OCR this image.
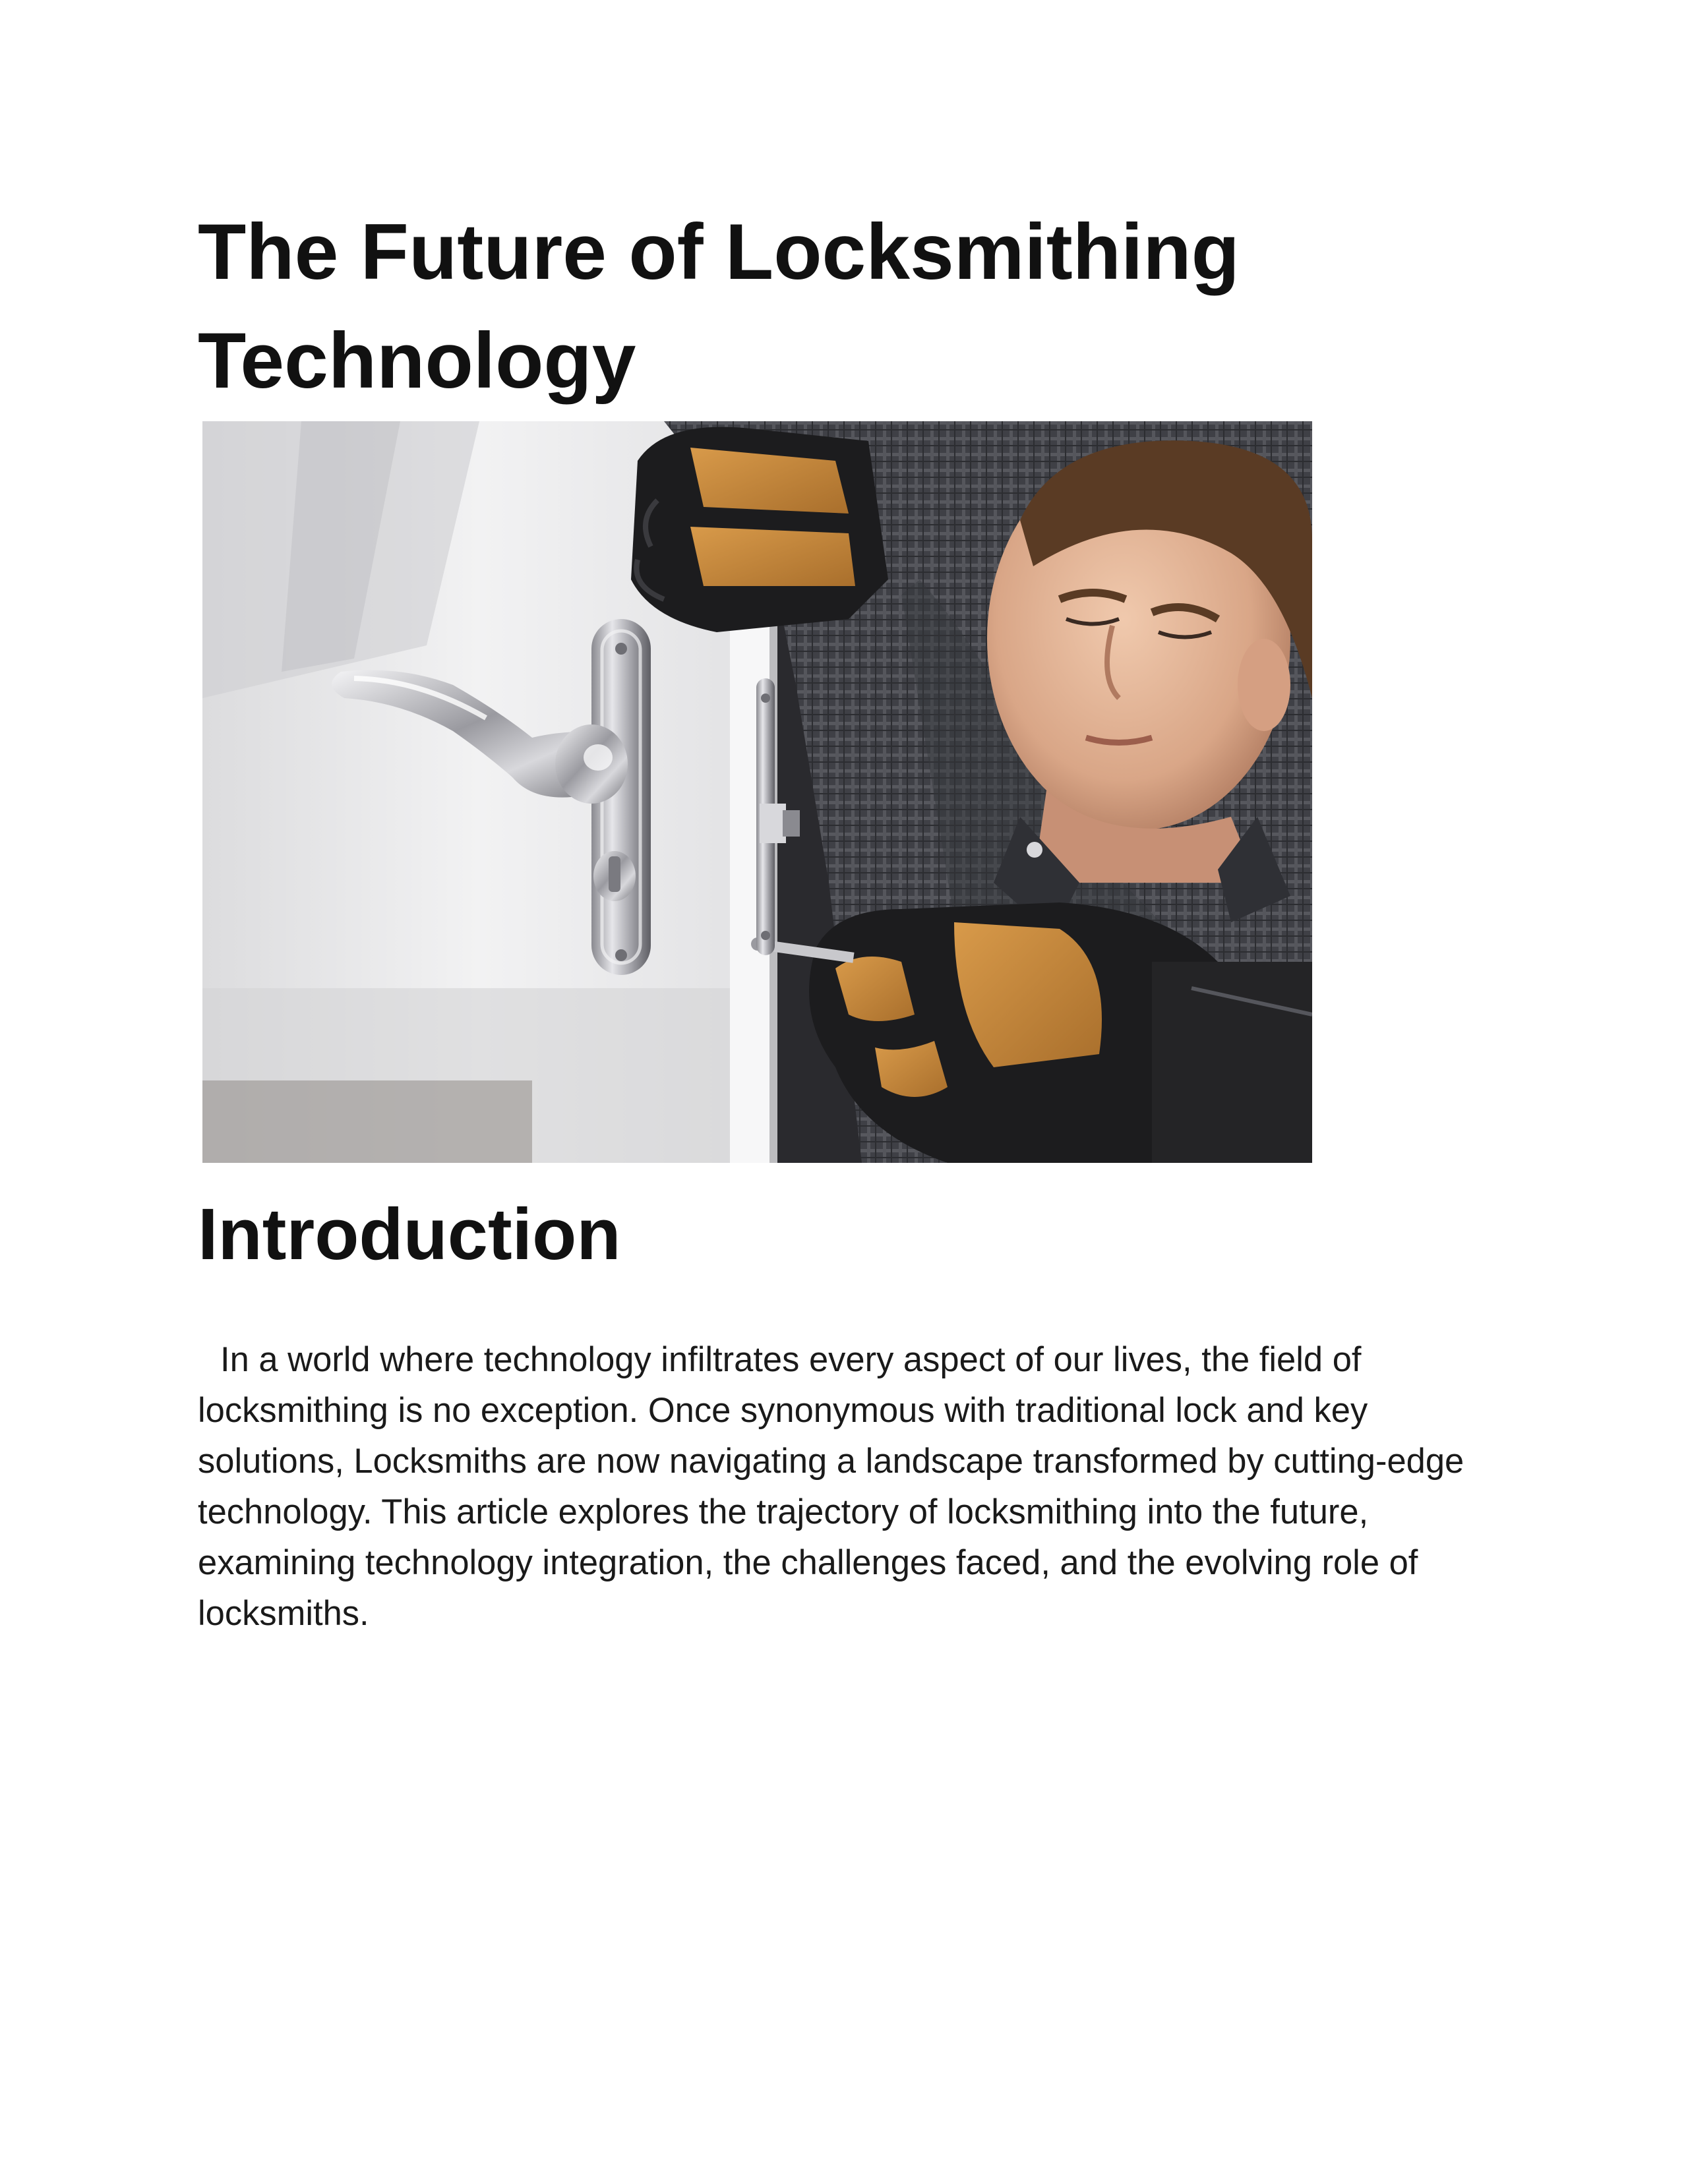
The Future of Locksmithing Technology
Introduction

In a world where technology infiltrates every aspect of our lives, the field of locksmithing is no exception. Once synonymous with traditional lock and key solutions, Locksmiths are now navigating a landscape transformed by cutting-edge technology. This article explores the trajectory of locksmithing into the future, examining technology integration, the challenges faced, and the evolving role of locksmiths.
